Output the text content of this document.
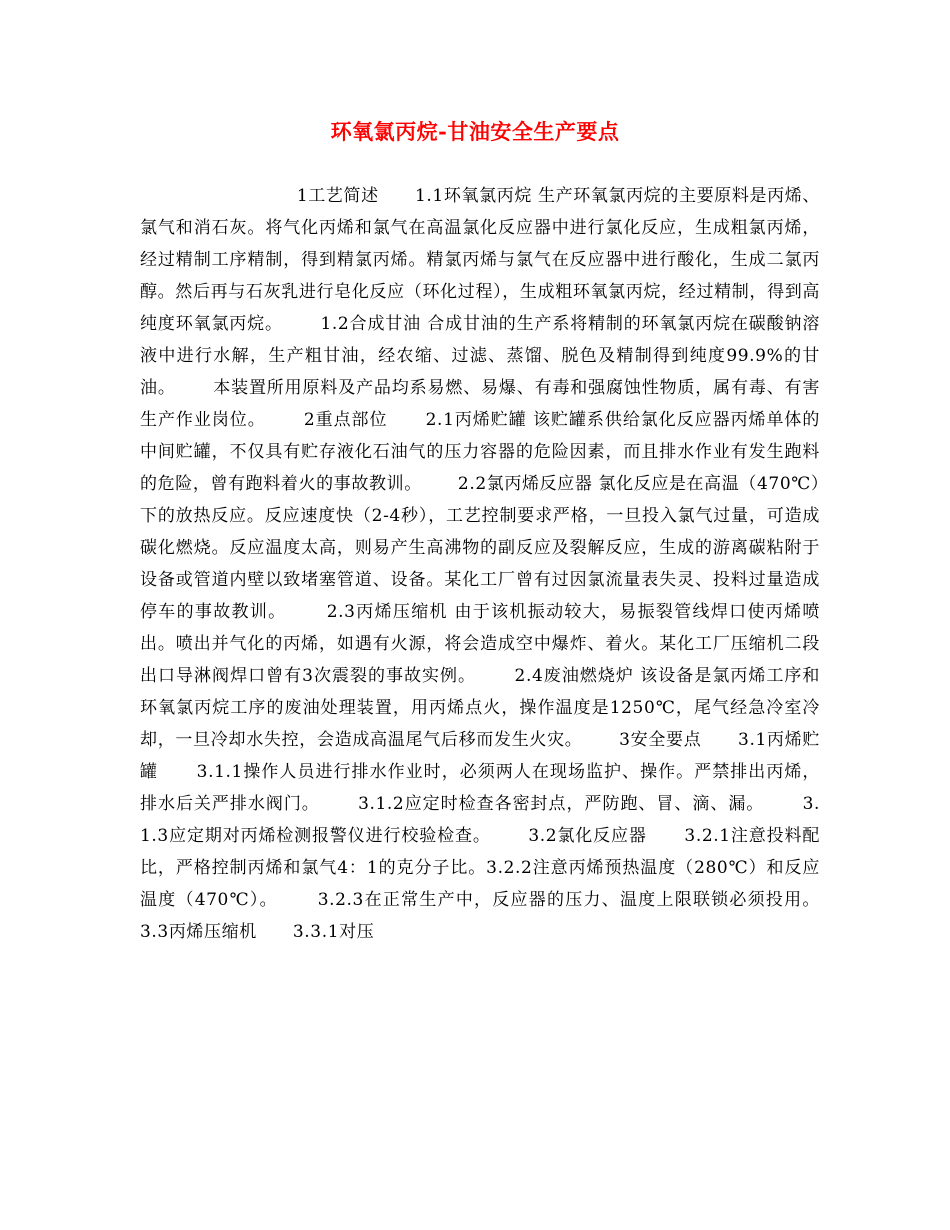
环氧氯丙烷-甘油安全生产要点
1工艺简述      1.1环氧氯丙烷 生产环氧氯丙烷的主要原料是丙烯、氯气和消石灰。将气化丙烯和氯气在高温氯化反应器中进行氯化反应，生成粗氯丙烯，经过精制工序精制，得到精氯丙烯。精氯丙烯与氯气在反应器中进行酸化，生成二氯丙醇。然后再与石灰乳进行皂化反应（环化过程），生成粗环氧氯丙烷，经过精制，得到高纯度环氧氯丙烷。      1.2合成甘油 合成甘油的生产系将精制的环氧氯丙烷在碳酸钠溶液中进行水解，生产粗甘油，经农缩、过滤、蒸馏、脱色及精制得到纯度99.9%的甘油。      本装置所用原料及产品均系易燃、易爆、有毒和强腐蚀性物质，属有毒、有害生产作业岗位。      2重点部位      2.1丙烯贮罐 该贮罐系供给氯化反应器丙烯单体的中间贮罐，不仅具有贮存液化石油气的压力容器的危险因素，而且排水作业有发生跑料的危险，曾有跑料着火的事故教训。      2.2氯丙烯反应器 氯化反应是在高温（470℃）下的放热反应。反应速度快（2-4秒），工艺控制要求严格，一旦投入氯气过量，可造成碳化燃烧。反应温度太高，则易产生高沸物的副反应及裂解反应，生成的游离碳粘附于设备或管道内壁以致堵塞管道、设备。某化工厂曾有过因氯流量表失灵、投料过量造成停车的事故教训。      2.3丙烯压缩机 由于该机振动较大，易振裂管线焊口使丙烯喷出。喷出并气化的丙烯，如遇有火源，将会造成空中爆炸、着火。某化工厂压缩机二段出口导淋阀焊口曾有3次震裂的事故实例。      2.4废油燃烧炉 该设备是氯丙烯工序和环氧氯丙烷工序的废油处理装置，用丙烯点火，操作温度是1250℃，尾气经急冷室冷却，一旦冷却水失控，会造成高温尾气后移而发生火灾。      3安全要点      3.1丙烯贮罐      3.1.1操作人员进行排水作业时，必须两人在现场监护、操作。严禁排出丙烯，排水后关严排水阀门。      3.1.2应定时检查各密封点，严防跑、冒、滴、漏。      3.1.3应定期对丙烯检测报警仪进行校验检查。      3.2氯化反应器      3.2.1注意投料配比，严格控制丙烯和氯气4：1的克分子比。3.2.2注意丙烯预热温度（280℃）和反应温度（470℃）。      3.2.3在正常生产中，反应器的压力、温度上限联锁必须投用。      3.3丙烯压缩机      3.3.1对压
